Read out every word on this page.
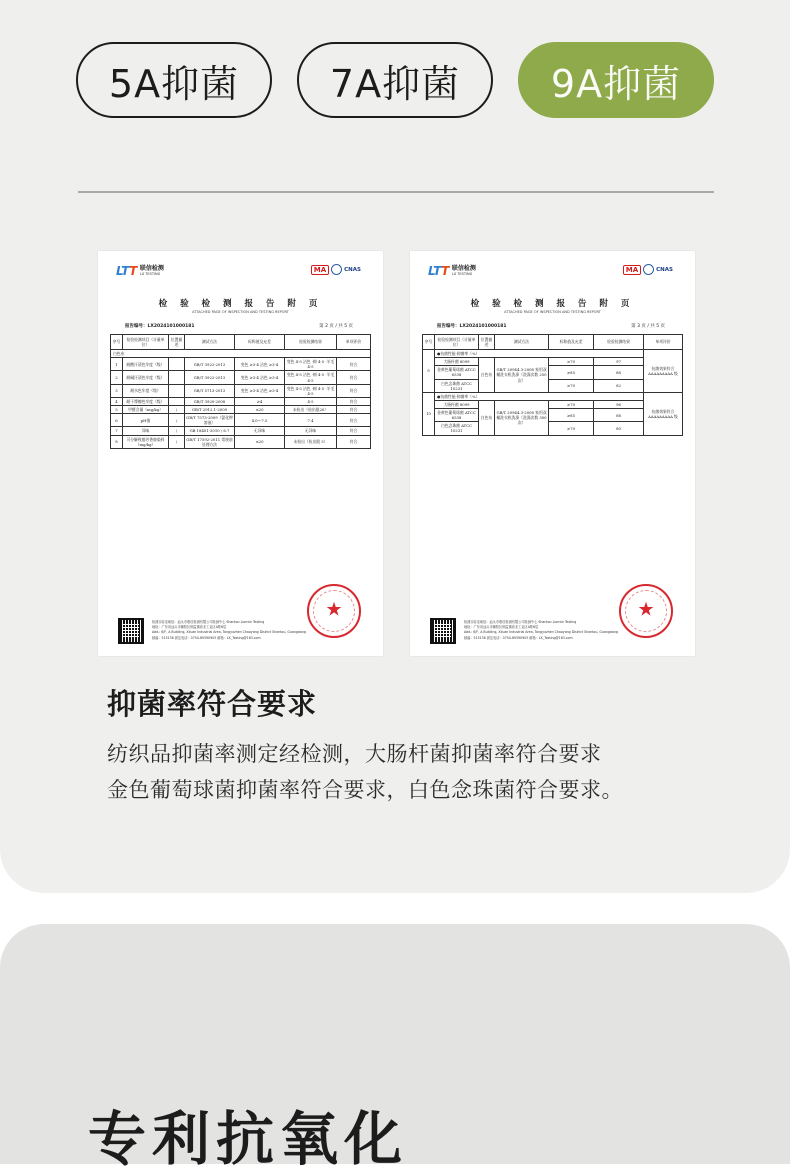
5A抑菌	7A抑菌	9A抑菌
LTT 联信检测
LX TESTING
MA	CNAS
检 验 检 测 报 告 附 页
ATTACHED PAGE OF INSPECTION AND TESTING REPORT
报告编号：LX2024101000181	第 2 页 / 共 5 页
序号	检验检测项目（计量单位）	位置描述	测试方法	标称值及允差	检验检测结果	单项评价
白色布						
1	耐酸汗渍色牢度（级）		GB/T 3922-2013	变色 ≥3-4 沾色 ≥3-4	变色 4-5 沾色 ·棉 4-5 ·羊毛 4-5	符合
2	耐碱汗渍色牢度（级）		GB/T 3922-2013	变色 ≥3-4 沾色 ≥3-4	变色 4-5 沾色 ·棉 4-5 ·羊毛 4-5	符合
3	耐水色牢度（级）		GB/T 5713-2013	变色 ≥3-4 沾色 ≥3-4	变色 4-5 沾色 ·棉 4-5 ·羊毛 4-5	符合
4	耐干摩擦色牢度（级）		GB/T 3920-2008	≥4	4-5	符合
5	甲醛含量（mg/kg）	/	GB/T 2912.1-2009	≤20	未检出（检出限20）	符合
6	pH值	/	GB/T 7573-2009（氯化钾溶液）	4.0～7.5	7.4	符合
7	异味	/	GB 18401-2010 / 6.7	无异味	无异味	符合
8	可分解致癌芳香胺染料（mg/kg）	/	GB/T 17592-2011 常规前处理方法	≤20	未检出（检出限 5）	符合
检测实验室地址：汕头市联信检测有限公司检测中心 Shantou Lianxin Testing
地址：广东省汕头市潮阳区铜盂镇高北工业区A栋6层
Add.: 6/F, A Building, Xiluan Industrial Area, Tongyuzhen Chaoyang District Shantou, Guangdong
邮编：515136 固定电话：0754-89390903 邮箱：LX_Testing@163.com
★
LTT 联信检测
LX TESTING
MA	CNAS
检 验 检 测 报 告 附 页
ATTACHED PAGE OF INSPECTION AND TESTING REPORT
报告编号：LX2024101000181	第 3 页 / 共 5 页
序号	检验检测项目（计量单位）	位置描述	测试方法	标称值及允差	检验检测结果	单项评价
9	●抗菌性能-抑菌率（%）					抗菌效果符合 AAAAAAAAA 级
	大肠杆菌 8099	白色布	GB/T 20944.3-2008 家用双桶洗衣机洗涤（洗涤次数 250 次）	≥70	97	
	金黄色葡萄球菌 ATCC 6538			≥85	88	
	白色念珠菌 ATCC 10231			≥70	82	
10	●抗菌性能-抑菌率（%）					抗菌效果符合 AAAAAAAAA 级
	大肠杆菌 8099	白色布	GB/T 20944.3-2008 家用双桶洗衣机洗涤（洗涤次数 300 次）	≥70	96	
	金黄色葡萄球菌 ATCC 6538			≥85	88	
	白色念珠菌 ATCC 10231			≥70	80	
检测实验室地址：汕头市联信检测有限公司检测中心 Shantou Lianxin Testing
地址：广东省汕头市潮阳区铜盂镇高北工业区A栋6层
Add.: 6/F, A Building, Xiluan Industrial Area, Tongyuzhen Chaoyang District Shantou, Guangdong
邮编：515136 固定电话：0754-89390903 邮箱：LX_Testing@163.com
★
抑菌率符合要求
纺织品抑菌率测定经检测，大肠杆菌抑菌率符合要求
金色葡萄球菌抑菌率符合要求，白色念珠菌符合要求。
专利抗氧化
